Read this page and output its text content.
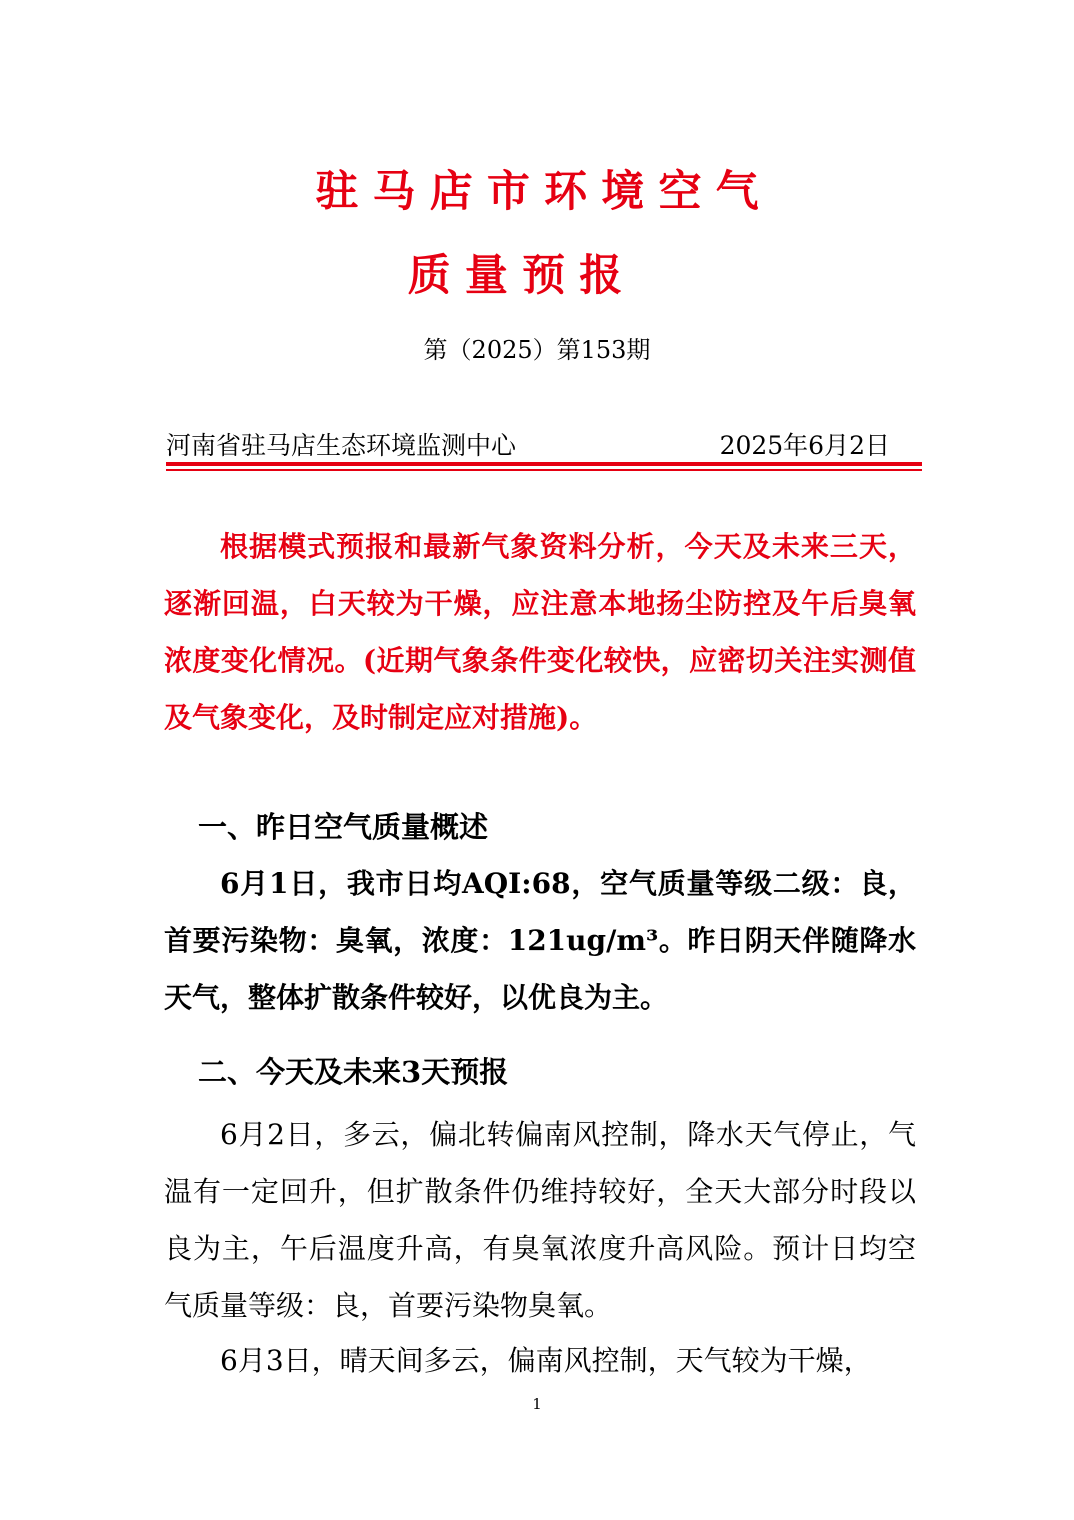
驻马店市环境空气
质量预报
第（2025）第153期
河南省驻马店生态环境监测中心	2025年6月2日

根据模式预报和最新气象资料分析，今天及未来三天，逐渐回温，白天较为干燥，应注意本地扬尘防控及午后臭氧浓度变化情况。(近期气象条件变化较快，应密切关注实测值及气象变化，及时制定应对措施)。

一、昨日空气质量概述

6月1日，我市日均AQI:68，空气质量等级二级：良，首要污染物：臭氧，浓度：121ug/m³。昨日阴天伴随降水天气，整体扩散条件较好，以优良为主。

二、今天及未来3天预报

6月2日，多云，偏北转偏南风控制，降水天气停止，气温有一定回升，但扩散条件仍维持较好，全天大部分时段以良为主，午后温度升高，有臭氧浓度升高风险。预计日均空气质量等级：良，首要污染物臭氧。

6月3日，晴天间多云，偏南风控制，天气较为干燥，

1
